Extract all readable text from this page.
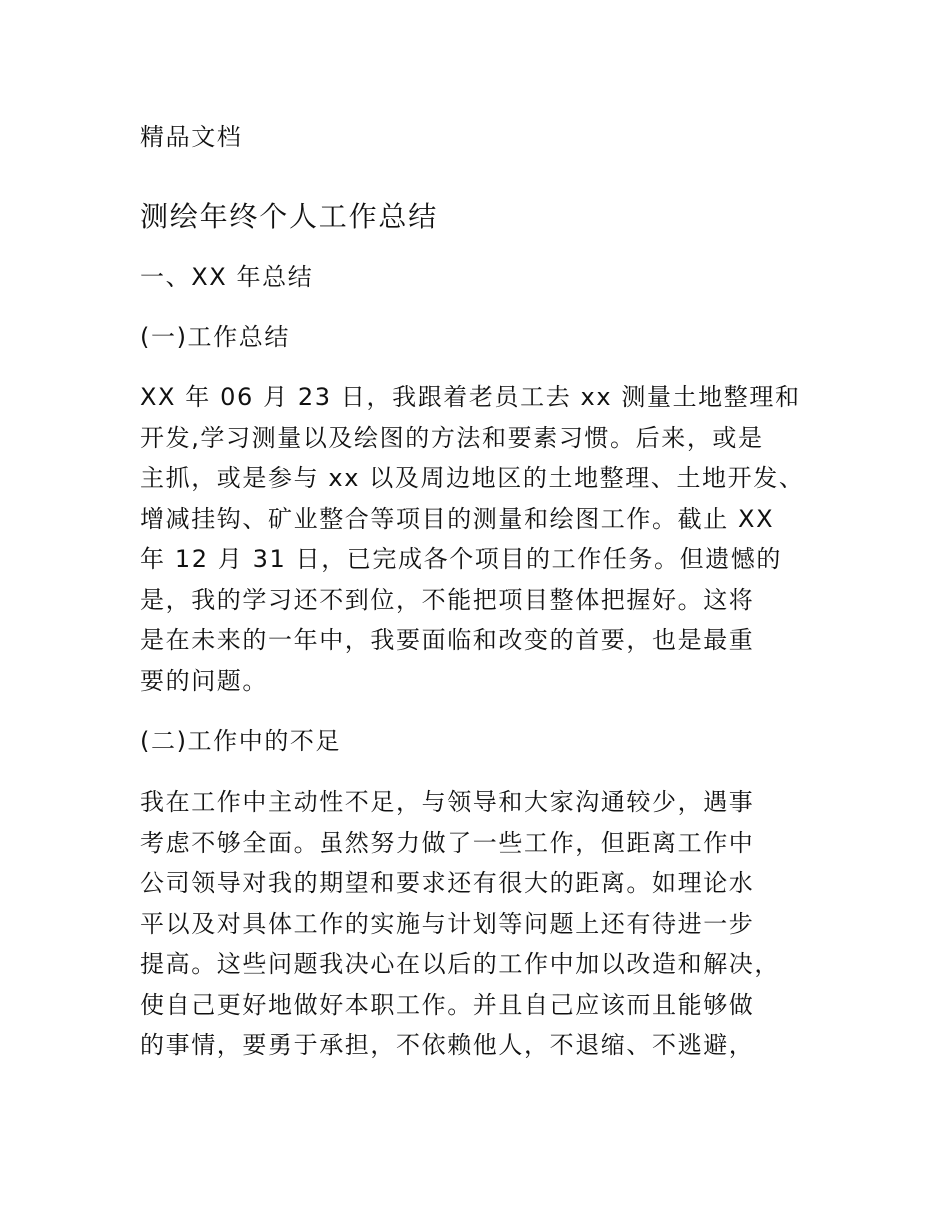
精品文档
测绘年终个人工作总结
一、XX 年总结
(一)工作总结
XX 年 06 月 23 日，我跟着老员工去 xx 测量土地整理和
开发,学习测量以及绘图的方法和要素习惯。后来，或是
主抓，或是参与 xx 以及周边地区的土地整理、土地开发、
增减挂钩、矿业整合等项目的测量和绘图工作。截止 XX
年 12 月 31 日，已完成各个项目的工作任务。但遗憾的
是，我的学习还不到位，不能把项目整体把握好。这将
是在未来的一年中，我要面临和改变的首要，也是最重
要的问题。
(二)工作中的不足
我在工作中主动性不足，与领导和大家沟通较少，遇事
考虑不够全面。虽然努力做了一些工作，但距离工作中
公司领导对我的期望和要求还有很大的距离。如理论水
平以及对具体工作的实施与计划等问题上还有待进一步
提高。这些问题我决心在以后的工作中加以改造和解决，
使自己更好地做好本职工作。并且自己应该而且能够做
的事情，要勇于承担，不依赖他人，不退缩、不逃避，
